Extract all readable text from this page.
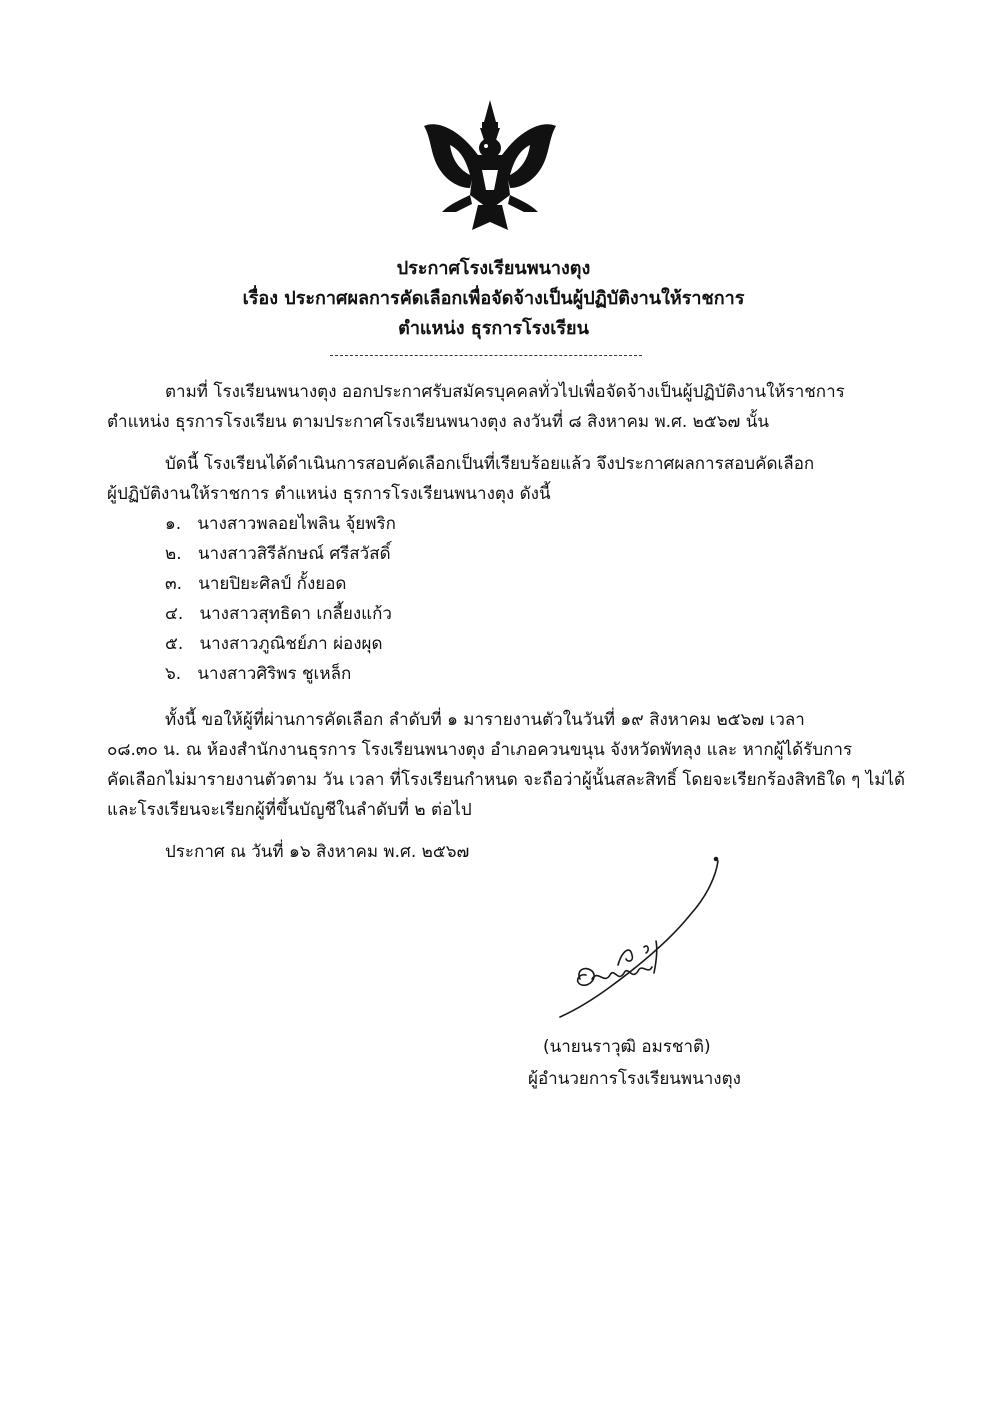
ประกาศโรงเรียนพนางตุง
เรื่อง ประกาศผลการคัดเลือกเพื่อจัดจ้างเป็นผู้ปฏิบัติงานให้ราชการ
ตำแหน่ง ธุรการโรงเรียน
ตามที่ โรงเรียนพนางตุง ออกประกาศรับสมัครบุคคลทั่วไปเพื่อจัดจ้างเป็นผู้ปฏิบัติงานให้ราชการ
ตำแหน่ง ธุรการโรงเรียน ตามประกาศโรงเรียนพนางตุง ลงวันที่ ๘ สิงหาคม พ.ศ. ๒๕๖๗ นั้น
บัดนี้ โรงเรียนได้ดำเนินการสอบคัดเลือกเป็นที่เรียบร้อยแล้ว จึงประกาศผลการสอบคัดเลือก
ผู้ปฏิบัติงานให้ราชการ ตำแหน่ง ธุรการโรงเรียนพนางตุง ดังนี้
๑. นางสาวพลอยไพลิน จุ้ยพริก
๒. นางสาวสิรีลักษณ์ ศรีสวัสดิ์
๓. นายปิยะศิลป์ กั้งยอด
๔. นางสาวสุทธิดา เกลี้ยงแก้ว
๕. นางสาวภูณิชย์ภา ผ่องผุด
๖. นางสาวศิริพร ชูเหล็ก
ทั้งนี้ ขอให้ผู้ที่ผ่านการคัดเลือก ลำดับที่ ๑ มารายงานตัวในวันที่ ๑๙ สิงหาคม ๒๕๖๗ เวลา
๐๘.๓๐ น. ณ ห้องสำนักงานธุรการ โรงเรียนพนางตุง อำเภอควนขนุน จังหวัดพัทลุง และ หากผู้ได้รับการ
คัดเลือกไม่มารายงานตัวตาม วัน เวลา ที่โรงเรียนกำหนด จะถือว่าผู้นั้นสละสิทธิ์ โดยจะเรียกร้องสิทธิใด ๆ ไม่ได้
และโรงเรียนจะเรียกผู้ที่ขึ้นบัญชีในลำดับที่ ๒ ต่อไป
ประกาศ ณ วันที่ ๑๖ สิงหาคม พ.ศ. ๒๕๖๗
(นายนราวุฒิ อมรชาติ)
ผู้อำนวยการโรงเรียนพนางตุง
